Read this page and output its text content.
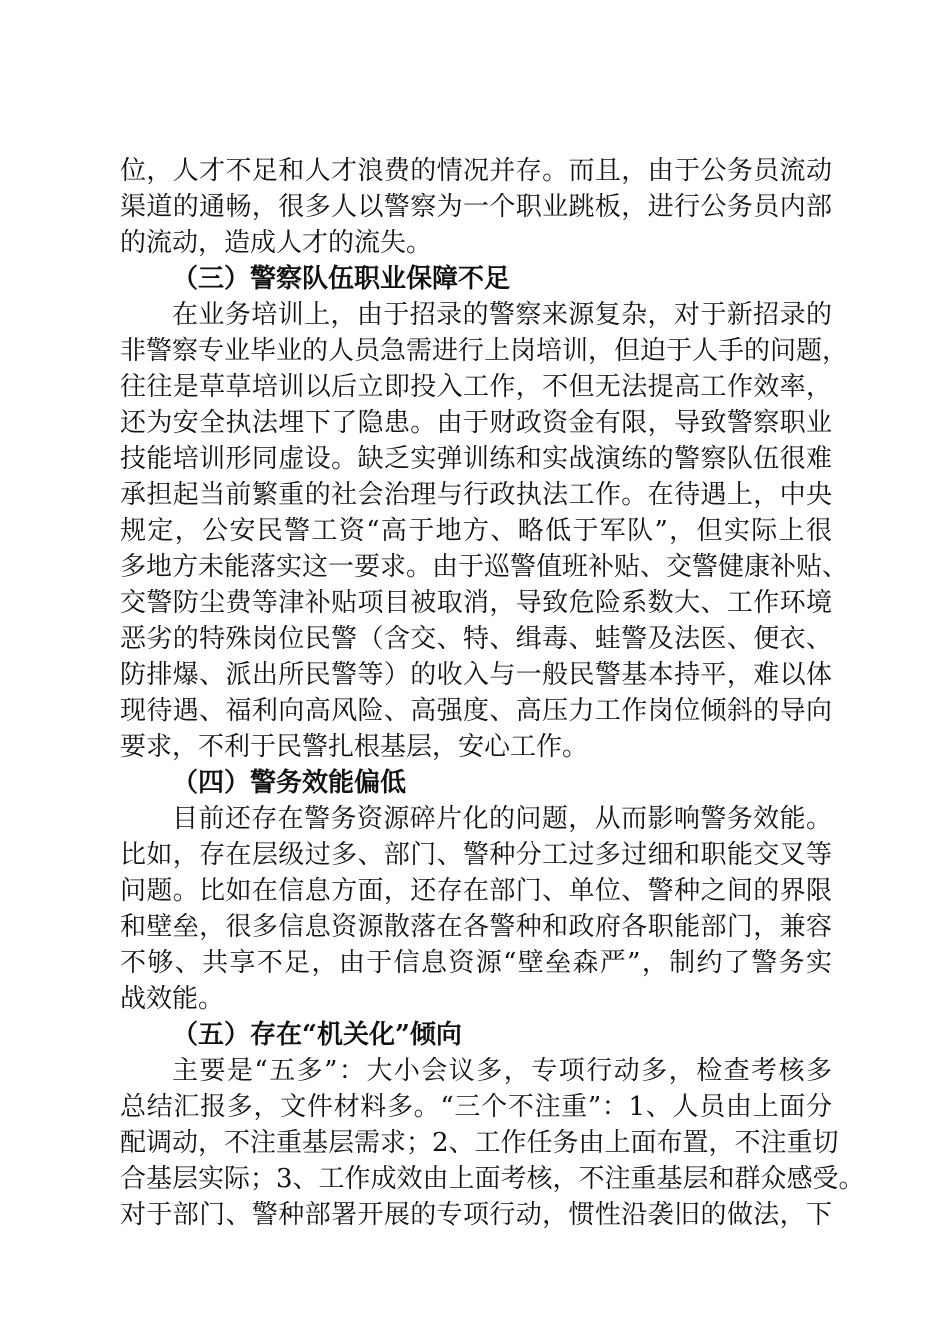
位，人才不足和人才浪费的情况并存。而且，由于公务员流动
渠道的通畅，很多人以警察为一个职业跳板，进行公务员内部
的流动，造成人才的流失。
（三）警察队伍职业保障不足
在业务培训上，由于招录的警察来源复杂，对于新招录的
非警察专业毕业的人员急需进行上岗培训，但迫于人手的问题，
往往是草草培训以后立即投入工作，不但无法提高工作效率，
还为安全执法埋下了隐患。由于财政资金有限，导致警察职业
技能培训形同虚设。缺乏实弹训练和实战演练的警察队伍很难
承担起当前繁重的社会治理与行政执法工作。在待遇上，中央
规定，公安民警工资“高于地方、略低于军队”，但实际上很
多地方未能落实这一要求。由于巡警值班补贴、交警健康补贴、
交警防尘费等津补贴项目被取消，导致危险系数大、工作环境
恶劣的特殊岗位民警（含交、特、缉毒、蛙警及法医、便衣、
防排爆、派出所民警等）的收入与一般民警基本持平，难以体
现待遇、福利向高风险、高强度、高压力工作岗位倾斜的导向
要求，不利于民警扎根基层，安心工作。
（四）警务效能偏低
目前还存在警务资源碎片化的问题，从而影响警务效能。
比如，存在层级过多、部门、警种分工过多过细和职能交叉等
问题。比如在信息方面，还存在部门、单位、警种之间的界限
和壁垒，很多信息资源散落在各警种和政府各职能部门，兼容
不够、共享不足，由于信息资源“壁垒森严”，制约了警务实
战效能。
（五）存在“机关化”倾向
主要是“五多”：大小会议多，专项行动多，检查考核多
总结汇报多，文件材料多。“三个不注重”：1、人员由上面分
配调动，不注重基层需求；2、工作任务由上面布置，不注重切
合基层实际；3、工作成效由上面考核，不注重基层和群众感受。
对于部门、警种部署开展的专项行动，惯性沿袭旧的做法，下
